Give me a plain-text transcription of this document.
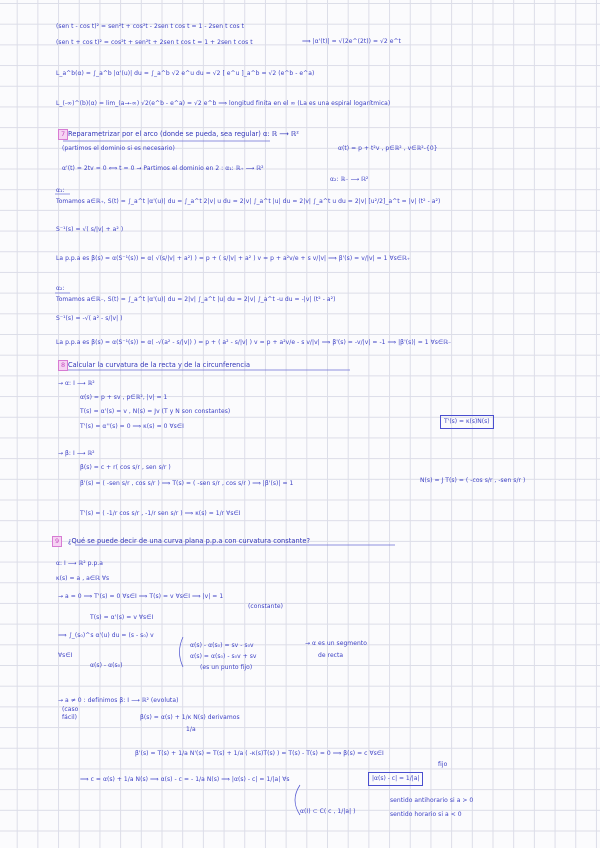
(sen t - cos t)² = sen²t + cos²t - 2sen t cos t = 1 - 2sen t cos t
(sen t + cos t)² = cos²t + sen²t + 2sen t cos t = 1 + 2sen t cos t	⟹ |α'(t)| = √(2e^(2t)) = √2 e^t
L_a^b(α) = ∫_a^b |α'(u)| du = ∫_a^b √2 e^u du = √2 [ e^u ]_a^b = √2 (e^b - e^a)
L_(-∞)^(b)(α) = lim_(a→-∞) √2(e^b - e^a) = √2 e^b ⟹ longitud finita en el ∞ (La es una espiral logarítmica)
7 Reparametrizar por el arco (donde se pueda, sea regular) α: ℝ ⟶ ℝ²
(partimos el dominio si es necesario)	α(t) = p + t²v , p∈ℝ² , v∈ℝ²-{0}
α'(t) = 2tv = 0 ⟺ t = 0 → Partimos el dominio en 2 : α₁: ℝ₊ ⟶ ℝ²
α₂: ℝ₋ ⟶ ℝ²
α₁:
Tomamos a∈ℝ₊, S(t) = ∫_a^t |α'(u)| du = ∫_a^t 2|v| u du = 2|v| ∫_a^t |u| du = 2|v| ∫_a^t u du = 2|v| [u²/2]_a^t = |v| (t² - a²)
S⁻¹(s) = √( s/|v| + a² )
La p.p.a es β(s) = α(S⁻¹(s)) = α( √(s/|v| + a²) ) = p + ( s/|v| + a² ) v = p + a²v/e + s v/|v| ⟹ β'(s) = v/|v| = 1 ∀s∈ℝ₊
α₂:
Tomamos a∈ℝ₋, S(t) = ∫_a^t |α'(u)| du = 2|v| ∫_a^t |u| du = 2|v| ∫_a^t -u du = -|v| (t² - a²)
S⁻¹(s) = -√( a² - s/|v| )
La p.p.a es β(s) = α(S⁻¹(s)) = α( -√(a² - s/|v|) ) = p + ( a² - s/|v| ) v = p + a²v/e - s v/|v| ⟹ β'(s) = -v/|v| = -1 ⟹ |β'(s)| = 1 ∀s∈ℝ₋
8 Calcular la curvatura de la recta y de la circunferencia
→ α: I ⟶ ℝ²
α(s) = p + sv , p∈ℝ², |v| = 1
T(s) = α'(s) = v , N(s) = Jv (T y N son constantes)
T'(s) = α''(s) = 0 ⟹ κ(s) = 0 ∀s∈I
T'(s) = κ(s)N(s)
→ β: I ⟶ ℝ²
β(s) = c + r( cos s/r , sen s/r )
β'(s) = ( -sen s/r , cos s/r ) ⟹ T(s) = ( -sen s/r , cos s/r ) ⟹ |β'(s)| = 1	N(s) = J T(s) = ( -cos s/r , -sen s/r )
T'(s) = ( -1/r cos s/r , -1/r sen s/r ) ⟹ κ(s) = 1/r ∀s∈I
9	¿Qué se puede decir de una curva plana p.p.a con curvatura constante?
α: I ⟶ ℝ² p.p.a
κ(s) = a , a∈ℝ ∀s
→ a = 0 ⟹ T'(s) = 0 ∀s∈I ⟹ T(s) = v ∀s∈I ⟹ |v| = 1
(constante)
T(s) = α'(s) = v ∀s∈I
⟹ ∫_(s₀)^s α'(u) du = (s - s₀) v
α(s) - α(s₀) = sv - s₀v
∀s∈I
α(s) - α(s₀)
α(s) = α(s₀) - s₀v + sv
(es un punto fijo)
→ α es un segmento
de recta
→ a ≠ 0 : definimos β: I ⟶ ℝ² (evoluta)
(caso
fácil)	β(s) = α(s) + 1/κ N(s) derivamos
1/a
β'(s) = T(s) + 1/a N'(s) = T(s) + 1/a ( -κ(s)T(s) ) = T(s) - T(s) = 0 ⟹ β(s) = c ∀s∈I
fijo
⟹ c = α(s) + 1/a N(s) ⟹ α(s) - c = - 1/a N(s) ⟹ |α(s) - c| = 1/|a| ∀s	|α(s) - c| = 1/|a|
α(I) ⊂ C( c , 1/|a| )
sentido antihorario si a > 0
sentido horario si a < 0
